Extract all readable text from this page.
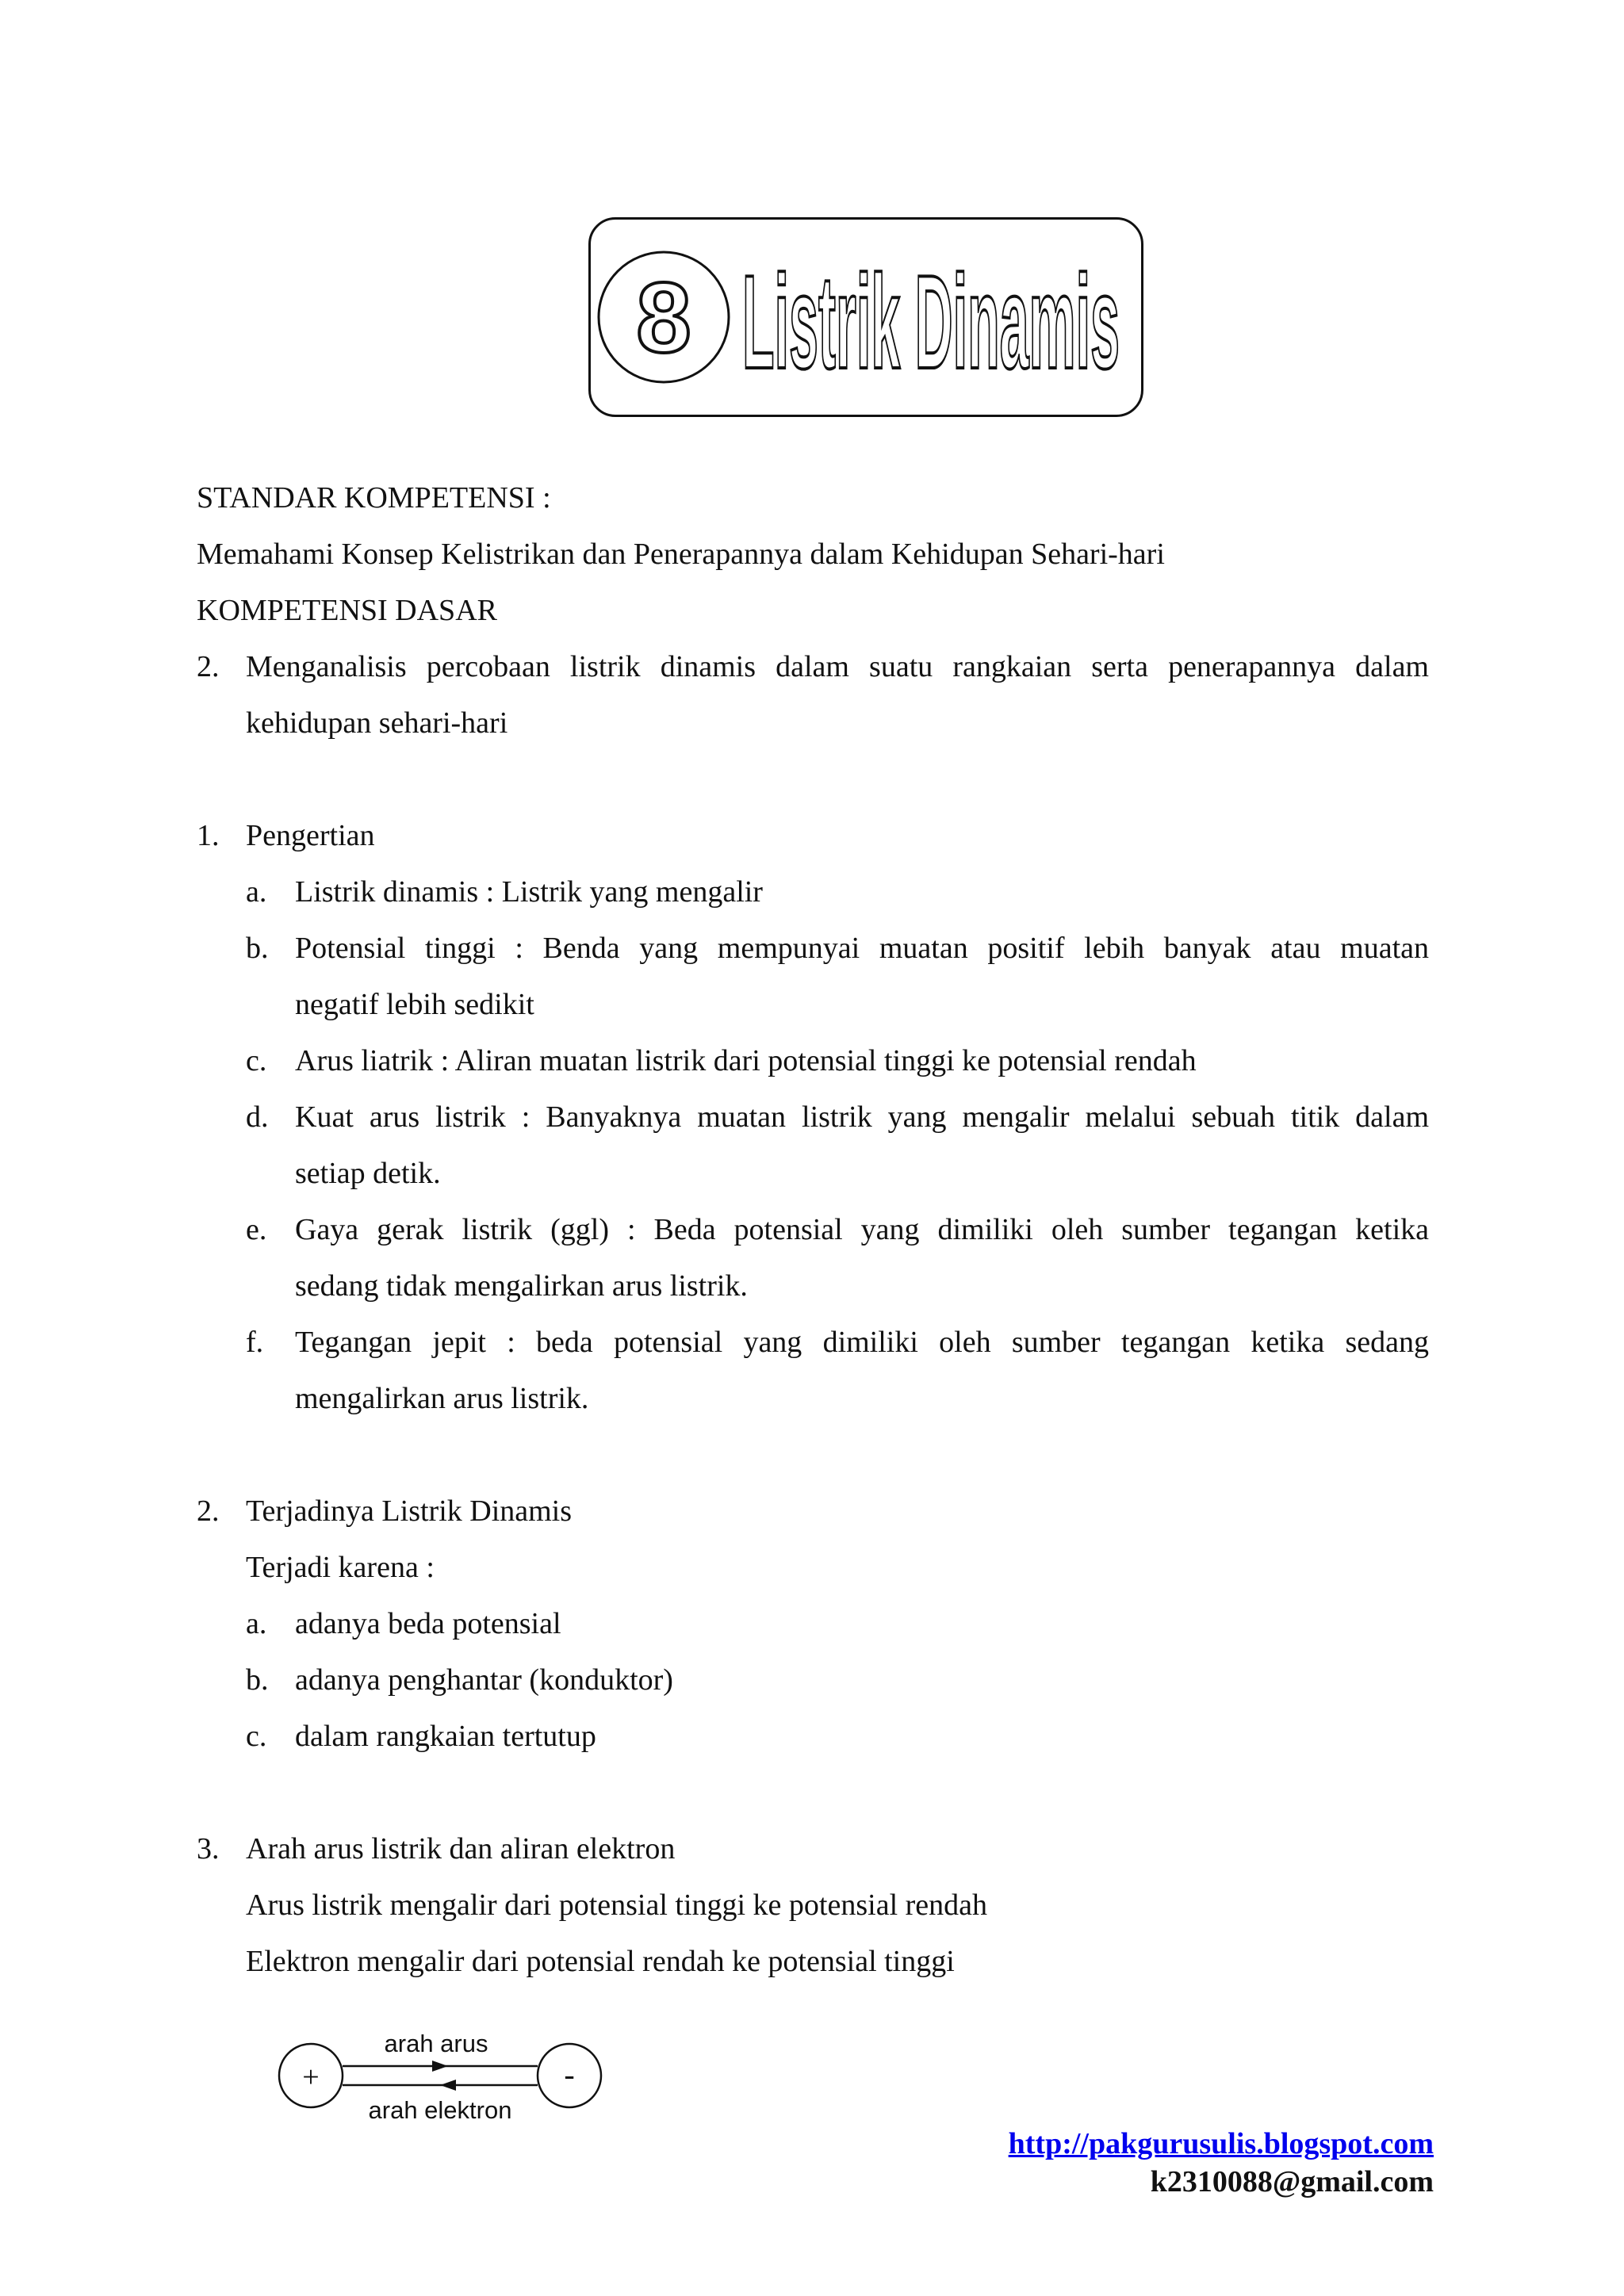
8 Listrik Dinamis
STANDAR KOMPETENSI :
Memahami Konsep Kelistrikan dan Penerapannya dalam Kehidupan Sehari-hari
KOMPETENSI DASAR
2. Menganalisis percobaan listrik dinamis dalam suatu rangkaian serta penerapannya dalam
kehidupan sehari-hari
1. Pengertian
a. Listrik dinamis : Listrik yang mengalir
b. Potensial tinggi : Benda yang mempunyai muatan positif lebih banyak atau muatan
negatif lebih sedikit
c. Arus liatrik : Aliran muatan listrik dari potensial tinggi ke potensial rendah
d. Kuat arus listrik : Banyaknya muatan listrik yang mengalir melalui sebuah titik dalam
setiap detik.
e. Gaya gerak listrik (ggl) : Beda potensial yang dimiliki oleh sumber tegangan ketika
sedang tidak mengalirkan arus listrik.
f. Tegangan jepit : beda potensial yang dimiliki oleh sumber tegangan ketika sedang
mengalirkan arus listrik.
2. Terjadinya Listrik Dinamis
Terjadi karena :
a. adanya beda potensial
b. adanya penghantar (konduktor)
c. dalam rangkaian tertutup
3. Arah arus listrik dan aliran elektron
Arus listrik mengalir dari potensial tinggi ke potensial rendah
Elektron mengalir dari potensial rendah ke potensial tinggi
+	-
arah arus
arah elektron
http://pakgurusulis.blogspot.com
k2310088@gmail.com
